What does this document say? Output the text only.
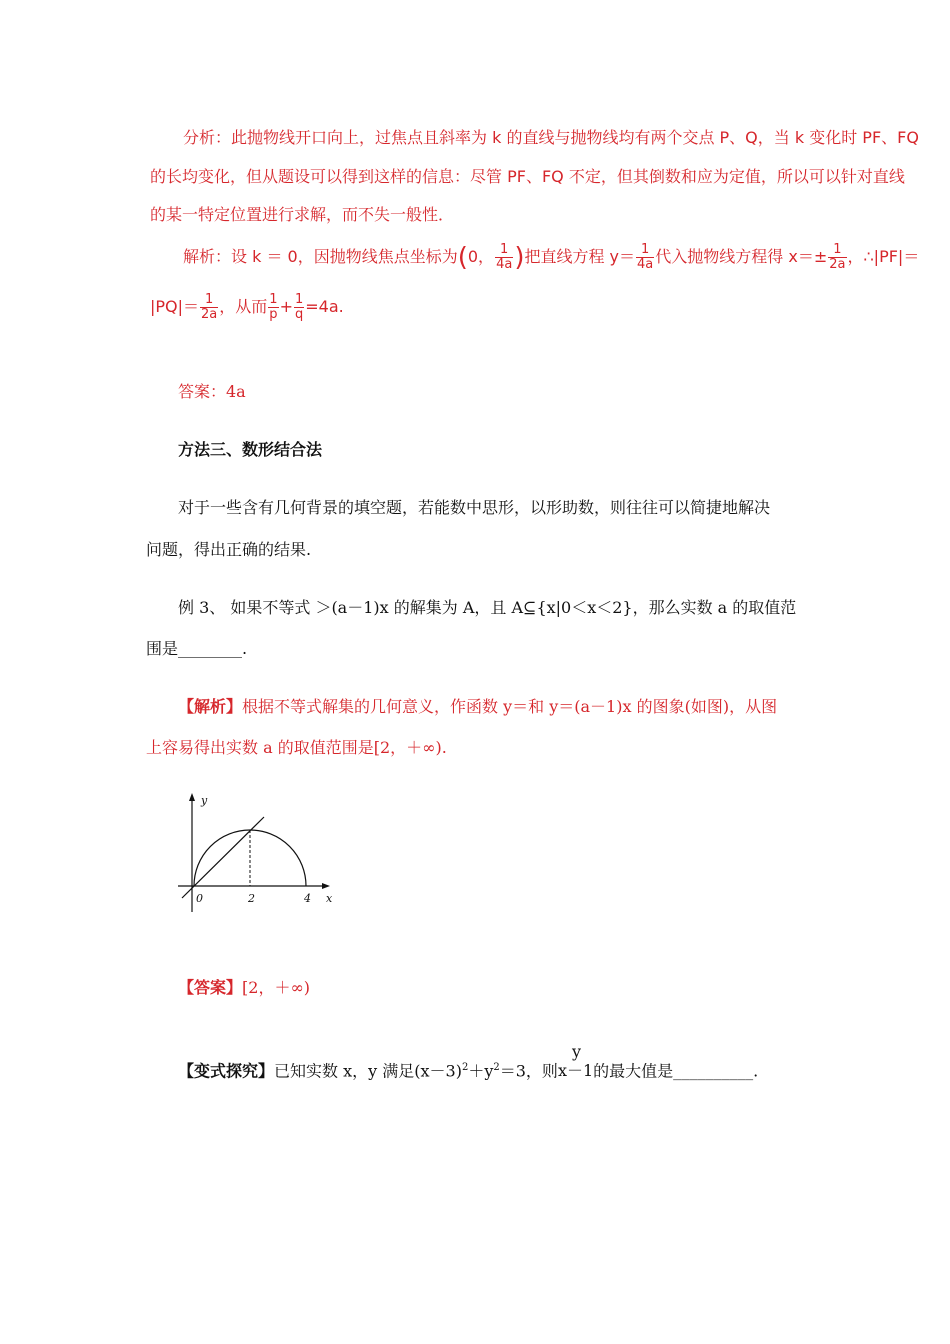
分析：此抛物线开口向上，过焦点且斜率为 k 的直线与抛物线均有两个交点 P、Q，当 k 变化时 PF、FQ
的长均变化，但从题设可以得到这样的信息：尽管 PF、FQ 不定，但其倒数和应为定值，所以可以针对直线
的某一特定位置进行求解，而不失一般性．
解析：设 k ＝ 0，因抛物线焦点坐标为(0， $\frac{1}{4a}$ )把直线方程 $y= \frac{1}{4a}$ 代入抛物线方程得 $x=\pm \frac{1}{2a}$ ，∴|PF|＝
$|PQ|= \frac{1}{2a}$ ，从而 $\frac{1}{p} + \frac{1}{q} =4a$.
答案：4a
方法三、数形结合法
对于一些含有几何背景的填空题，若能数中思形，以形助数，则往往可以简捷地解决
问题，得出正确的结果.
例 3、 如果不等式 ＞(a－1)x 的解集为 A，且 A⊆{x|0＜x＜2}，那么实数 a 的取值范
围是________.
【解析】根据不等式解集的几何意义，作函数 y＝和 y＝(a－1)x 的图象(如图)，从图
上容易得出实数 a 的取值范围是[2，＋∞).
y
0	2	4 x
【答案】[2，＋∞)
【变式探究】已知实数 x，y 满足$(x-3)^2+y^2=3$，则
y
x－1的最大值是__________.
